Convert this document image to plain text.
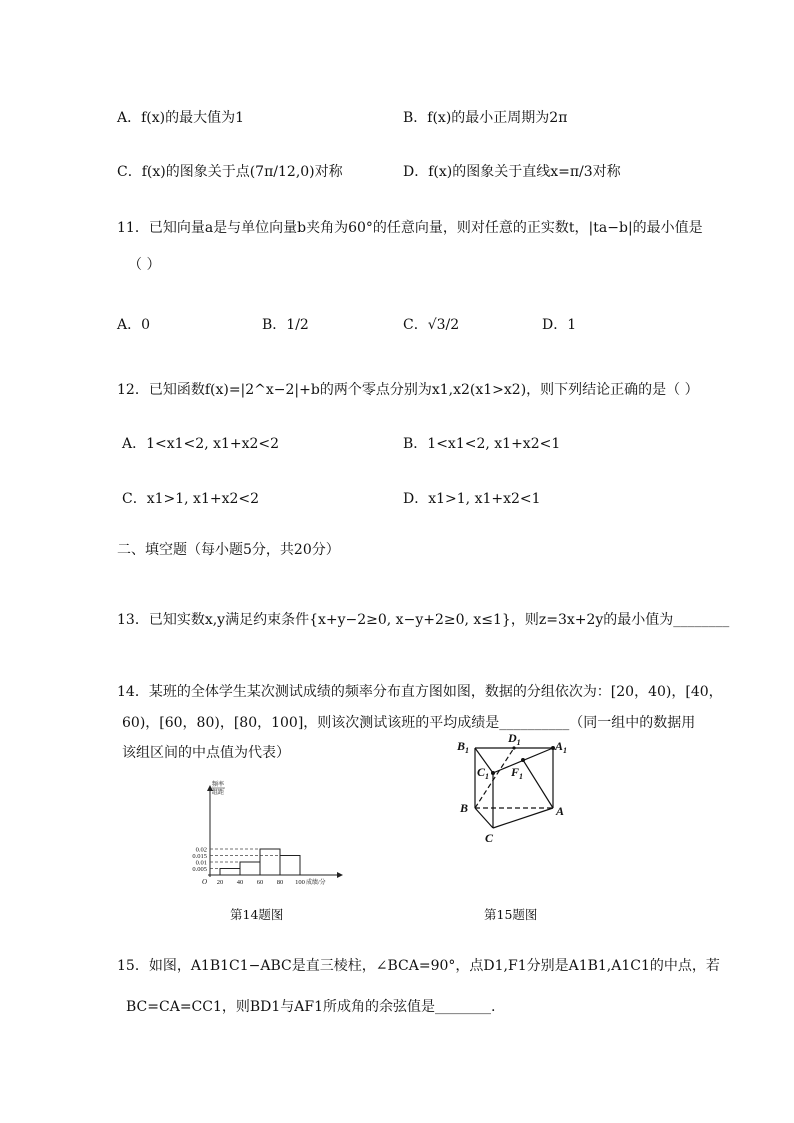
A．f(x)的最大值为1	B．f(x)的最小正周期为2π
C．f(x)的图象关于点(7π/12,0)对称	D．f(x)的图象关于直线x=π/3对称
11．已知向量a是与单位向量b夹角为60°的任意向量，则对任意的正实数t，|ta−b|的最小值是
（ ）
A．0	B．1/2	C．√3/2	D．1
12．已知函数f(x)=|2^x−2|+b的两个零点分别为x1,x2(x1>x2)，则下列结论正确的是（ ）
A．1<x1<2, x1+x2<2	B．1<x1<2, x1+x2<1
C．x1>1, x1+x2<2	D．x1>1, x1+x2<1
二、填空题（每小题5分，共20分）
13．已知实数x,y满足约束条件{x+y−2≥0, x−y+2≥0, x≤1}，则z=3x+2y的最小值为________
14．某班的全体学生某次测试成绩的频率分布直方图如图，数据的分组依次为：[20，40)，[40，
60)，[60，80)，[80，100]，则该次测试该班的平均成绩是__________（同一组中的数据用
该组区间的中点值为代表）
0.005
0.01
0.015
0.02
20 40 60 80 100
O	成绩/分
频率
组距
第14题图
$B_1$
$D_1$	$A_1$
$C_1$ $F_1$
B	A
C
第15题图
15．如图，A1B1C1−ABC是直三棱柱，∠BCA=90°，点D1,F1分别是A1B1,A1C1的中点，若
BC=CA=CC1，则BD1与AF1所成角的余弦值是________.
